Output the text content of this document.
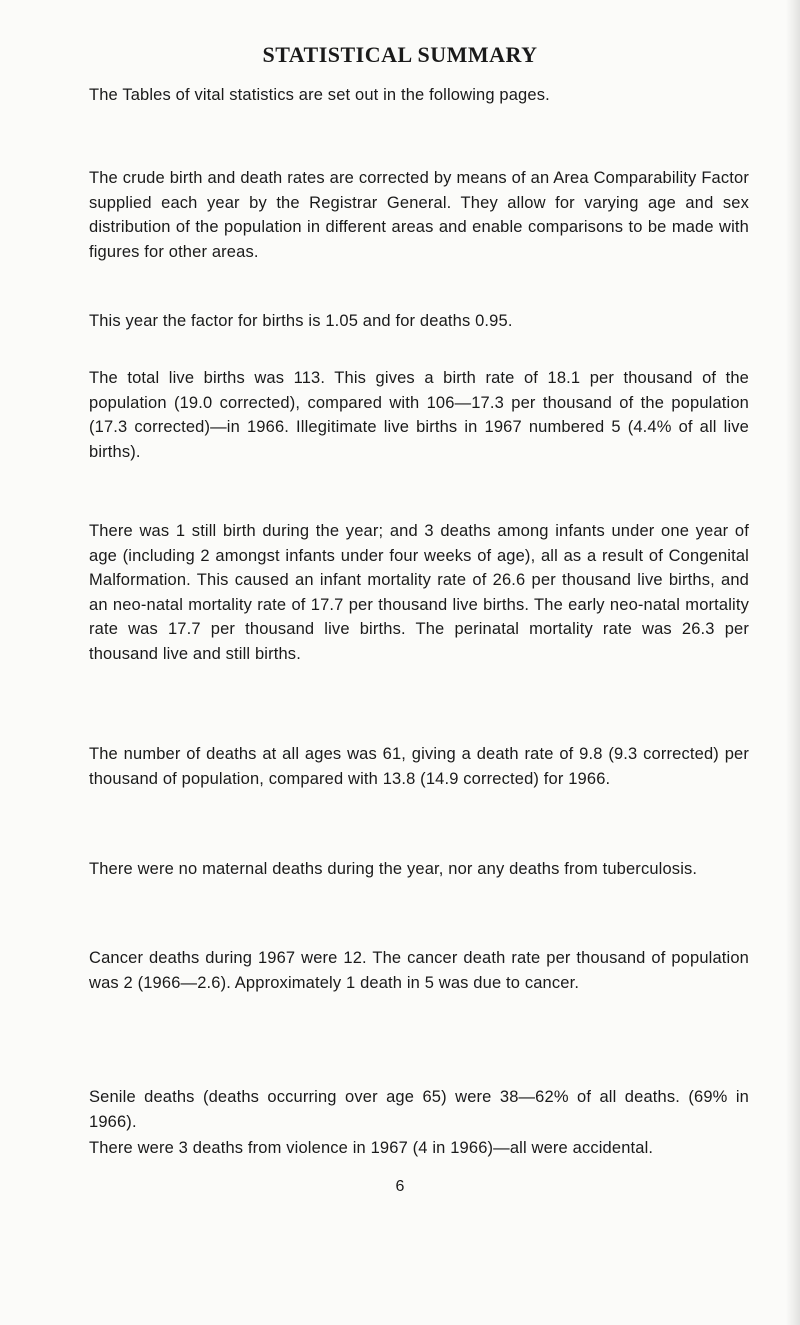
STATISTICAL SUMMARY

The Tables of vital statistics are set out in the following pages.

The crude birth and death rates are corrected by means of an Area Comparability Factor supplied each year by the Registrar General. They allow for varying age and sex distribution of the population in different areas and enable comparisons to be made with figures for other areas.

This year the factor for births is 1.05 and for deaths 0.95.

The total live births was 113. This gives a birth rate of 18.1 per thousand of the population (19.0 corrected), compared with 106—17.3 per thousand of the population (17.3 corrected)—in 1966. Illegitimate live births in 1967 numbered 5 (4.4% of all live births).

There was 1 still birth during the year; and 3 deaths among infants under one year of age (including 2 amongst infants under four weeks of age), all as a result of Congenital Malformation. This caused an infant mortality rate of 26.6 per thousand live births, and an neo-natal mortality rate of 17.7 per thousand live births. The early neo-natal mortality rate was 17.7 per thousand live births. The perinatal mortality rate was 26.3 per thousand live and still births.

The number of deaths at all ages was 61, giving a death rate of 9.8 (9.3 corrected) per thousand of population, compared with 13.8 (14.9 corrected) for 1966.

There were no maternal deaths during the year, nor any deaths from tuberculosis.

Cancer deaths during 1967 were 12. The cancer death rate per thousand of population was 2 (1966—2.6). Approximately 1 death in 5 was due to cancer.

Senile deaths (deaths occurring over age 65) were 38—62% of all deaths. (69% in 1966).

There were 3 deaths from violence in 1967 (4 in 1966)—all were accidental.

6
